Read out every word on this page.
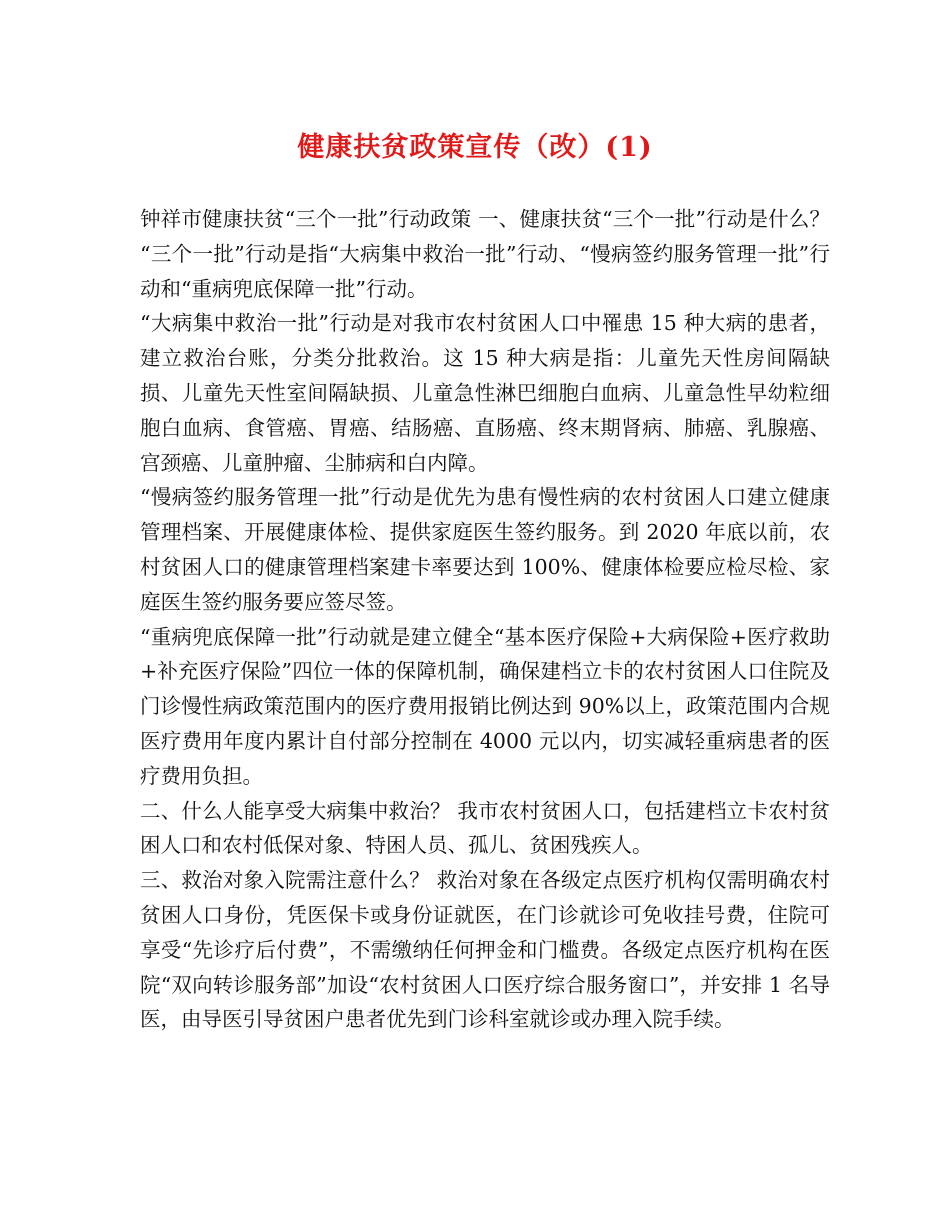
健康扶贫政策宣传（改）(1)

钟祥市健康扶贫“三个一批”行动政策 一、健康扶贫“三个一批”行动是什么？ “三个一批”行动是指“大病集中救治一批”行动、“慢病签约服务管理一批”行动和“重病兜底保障一批”行动。

“大病集中救治一批”行动是对我市农村贫困人口中罹患 15 种大病的患者，建立救治台账，分类分批救治。这 15 种大病是指：儿童先天性房间隔缺损、儿童先天性室间隔缺损、儿童急性淋巴细胞白血病、儿童急性早幼粒细胞白血病、食管癌、胃癌、结肠癌、直肠癌、终末期肾病、肺癌、乳腺癌、宫颈癌、儿童肿瘤、尘肺病和白内障。

“慢病签约服务管理一批”行动是优先为患有慢性病的农村贫困人口建立健康管理档案、开展健康体检、提供家庭医生签约服务。到 2020 年底以前，农村贫困人口的健康管理档案建卡率要达到 100%、健康体检要应检尽检、家庭医生签约服务要应签尽签。

“重病兜底保障一批”行动就是建立健全“基本医疗保险+大病保险+医疗救助+补充医疗保险”四位一体的保障机制，确保建档立卡的农村贫困人口住院及门诊慢性病政策范围内的医疗费用报销比例达到 90%以上，政策范围内合规医疗费用年度内累计自付部分控制在 4000 元以内，切实减轻重病患者的医疗费用负担。

二、什么人能享受大病集中救治？ 我市农村贫困人口，包括建档立卡农村贫困人口和农村低保对象、特困人员、孤儿、贫困残疾人。

三、救治对象入院需注意什么？ 救治对象在各级定点医疗机构仅需明确农村贫困人口身份，凭医保卡或身份证就医，在门诊就诊可免收挂号费，住院可享受“先诊疗后付费”，不需缴纳任何押金和门槛费。各级定点医疗机构在医院“双向转诊服务部”加设“农村贫困人口医疗综合服务窗口”，并安排 1 名导医，由导医引导贫困户患者优先到门诊科室就诊或办理入院手续。
